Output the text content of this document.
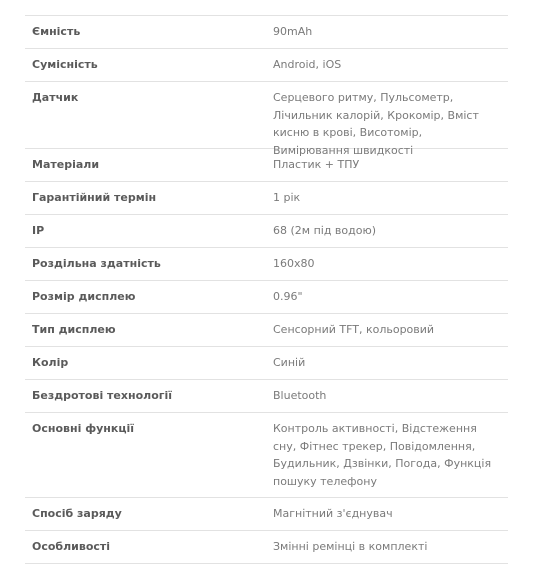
Ємність	90mAh
Сумісність	Android, iOS
Датчик	Серцевого ритму, Пульсометр, Лічильник калорій, Крокомір, Вміст кисню в крові, Висотомір, Вимірювання швидкості
Матеріали	Пластик + ТПУ
Гарантійний термін	1 рік
IP	68 (2м під водою)
Роздільна здатність	160x80
Розмір дисплею	0.96"
Тип дисплею	Сенсорний TFT, кольоровий
Колір	Синій
Бездротові технології	Bluetooth
Основні функції	Контроль активності, Відстеження сну, Фітнес трекер, Повідомлення, Будильник, Дзвінки, Погода, Функція пошуку телефону
Спосіб заряду	Магнітний з'єднувач
Особливості	Змінні ремінці в комплекті
